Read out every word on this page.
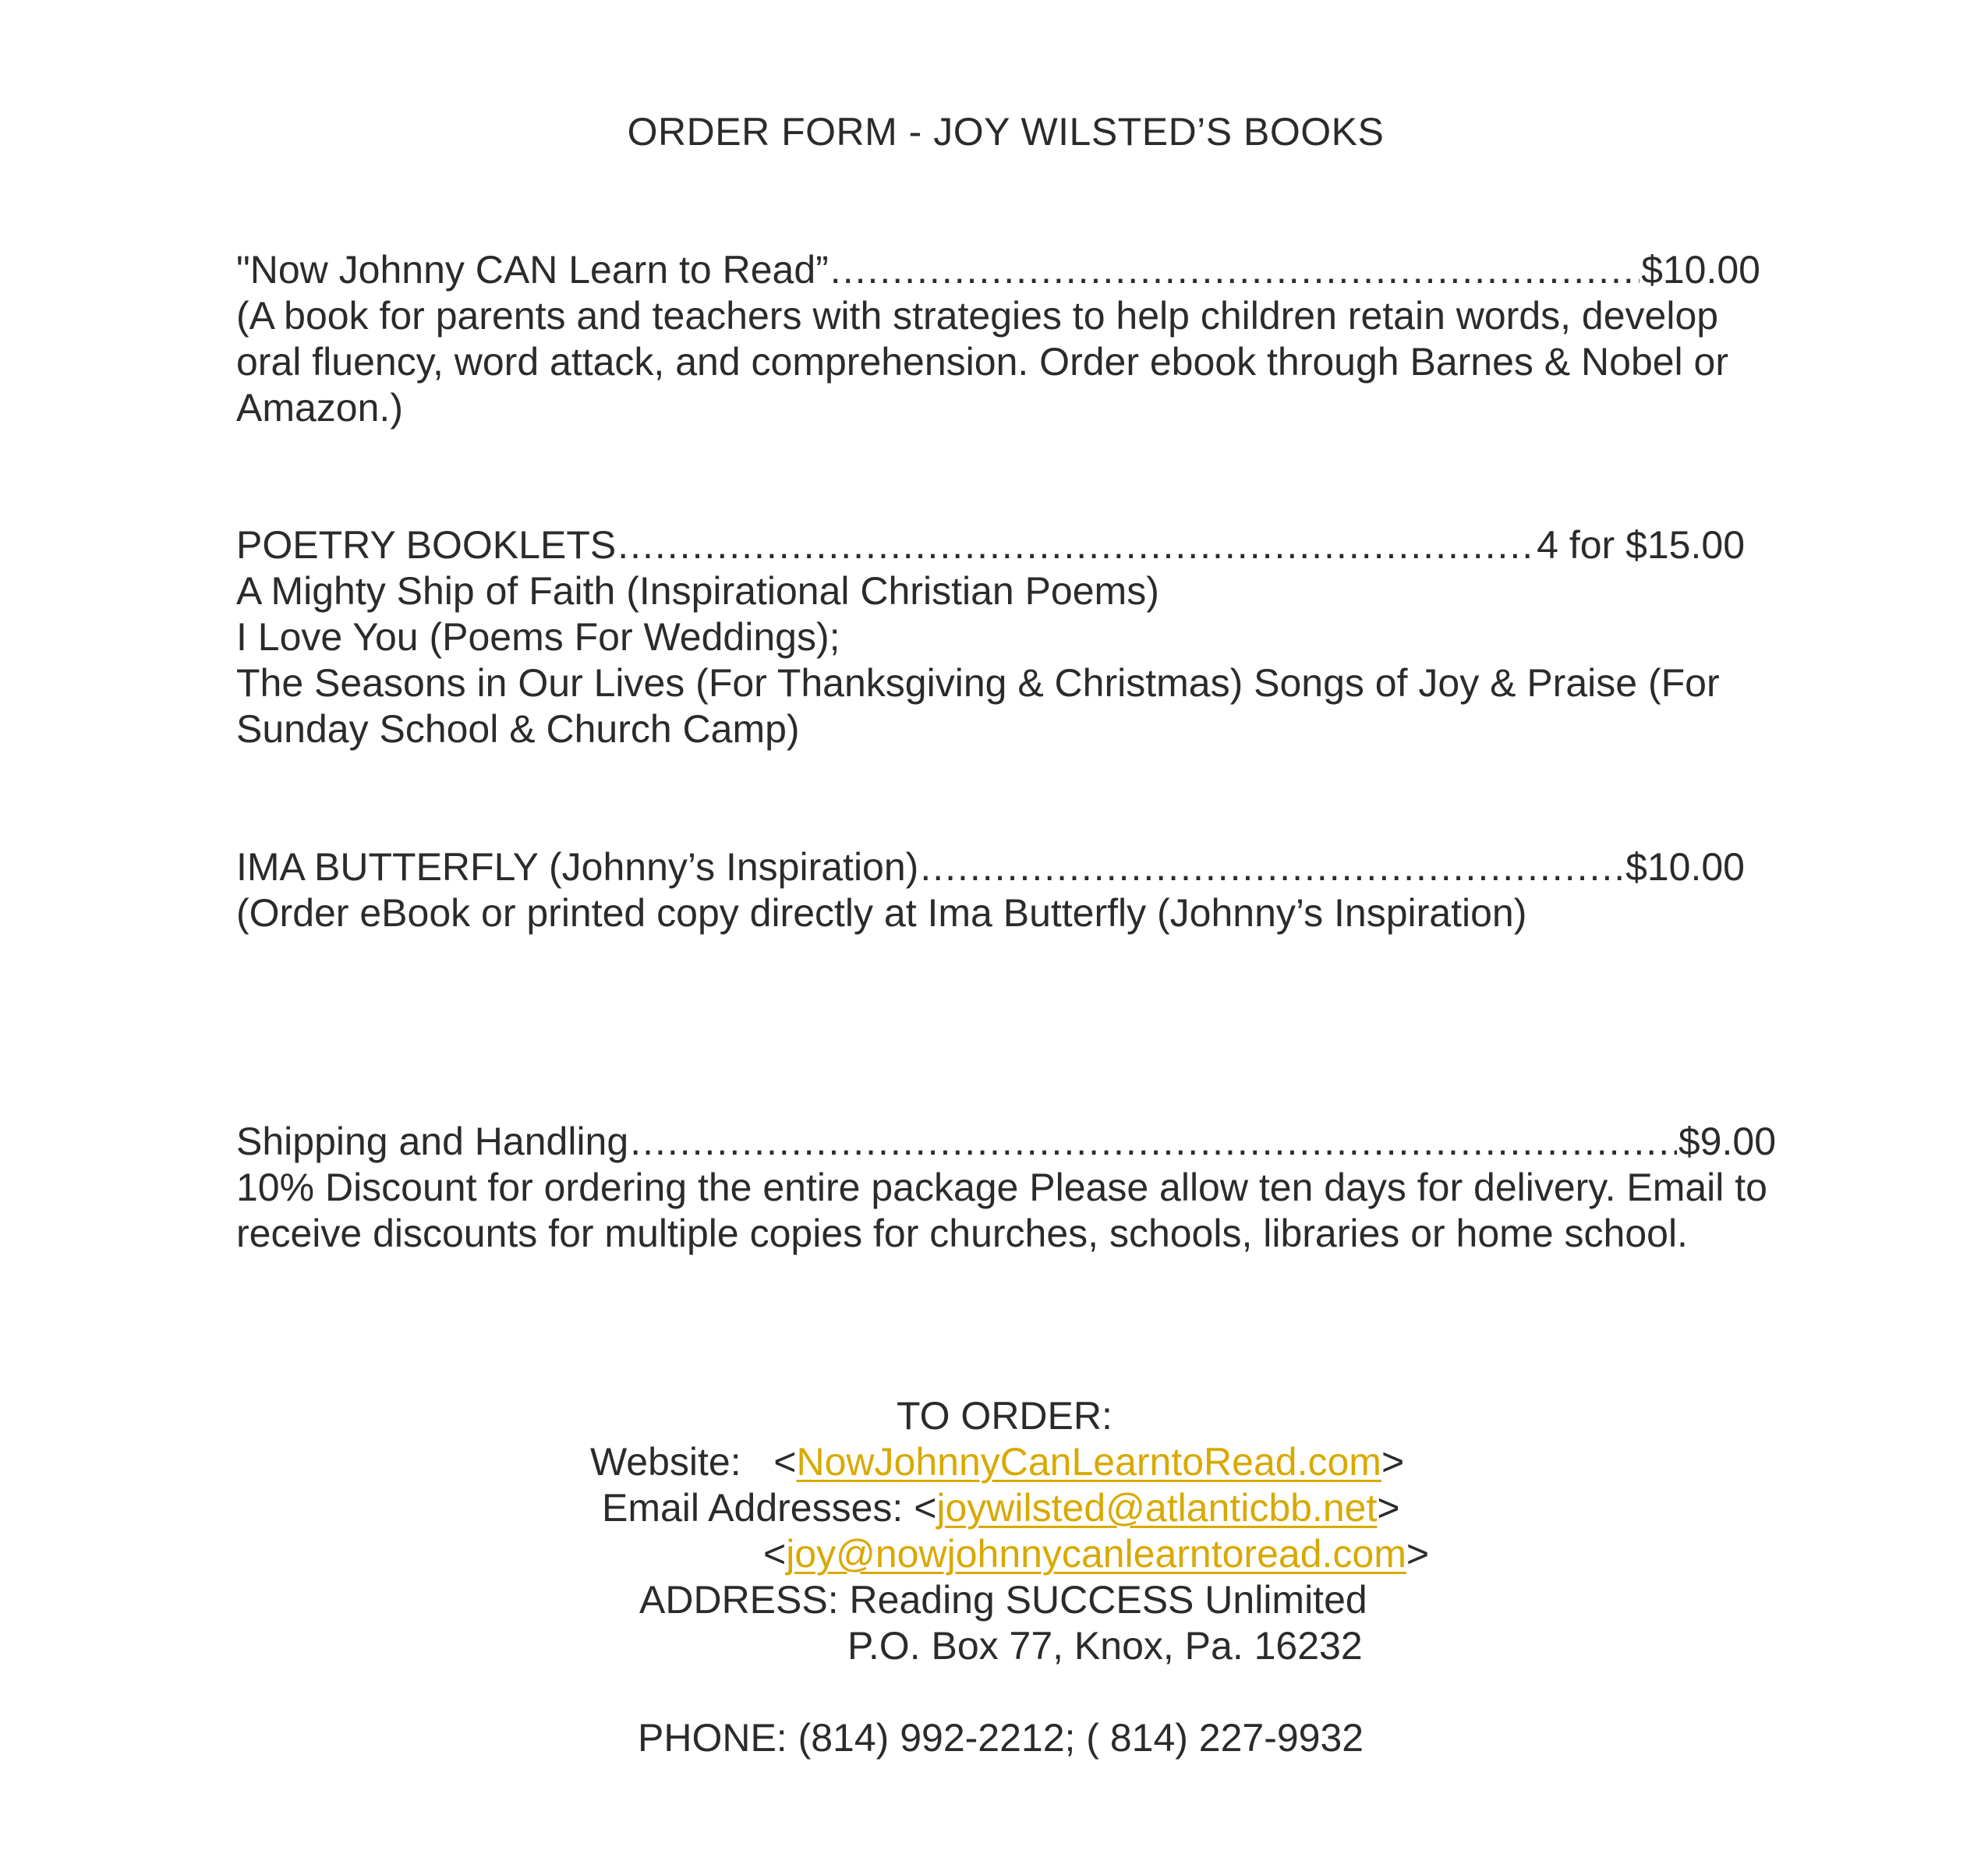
ORDER FORM - JOY WILSTED’S BOOKS
"Now Johnny CAN Learn to Read” .....	$10.00

(A book for parents and teachers with strategies to help children retain words, develop oral fluency, word attack, and comprehension. Order ebook through Barnes & Nobel or Amazon.)

POETRY BOOKLETS .....	4 for $15.00
A Mighty Ship of Faith (Inspirational Christian Poems)
I Love You (Poems For Weddings);
The Seasons in Our Lives (For Thanksgiving & Christmas) Songs of Joy & Praise (For Sunday School & Church Camp)
IMA BUTTERFLY (Johnny’s Inspiration) .....	$10.00

(Order eBook or printed copy directly at Ima Butterfly (Johnny’s Inspiration)

Shipping and Handling .....	$9.00

10% Discount for ordering the entire package Please allow ten days for delivery. Email to receive discounts for multiple copies for churches, schools, libraries or home school.

TO ORDER:
Website: <NowJohnnyCanLearntoRead.com>
Email Addresses: <joywilsted@atlanticbb.net>
<joy@nowjohnnycanlearntoread.com>
ADDRESS: Reading SUCCESS Unlimited
P.O. Box 77, Knox, Pa. 16232
PHONE: (814) 992-2212; ( 814) 227-9932
